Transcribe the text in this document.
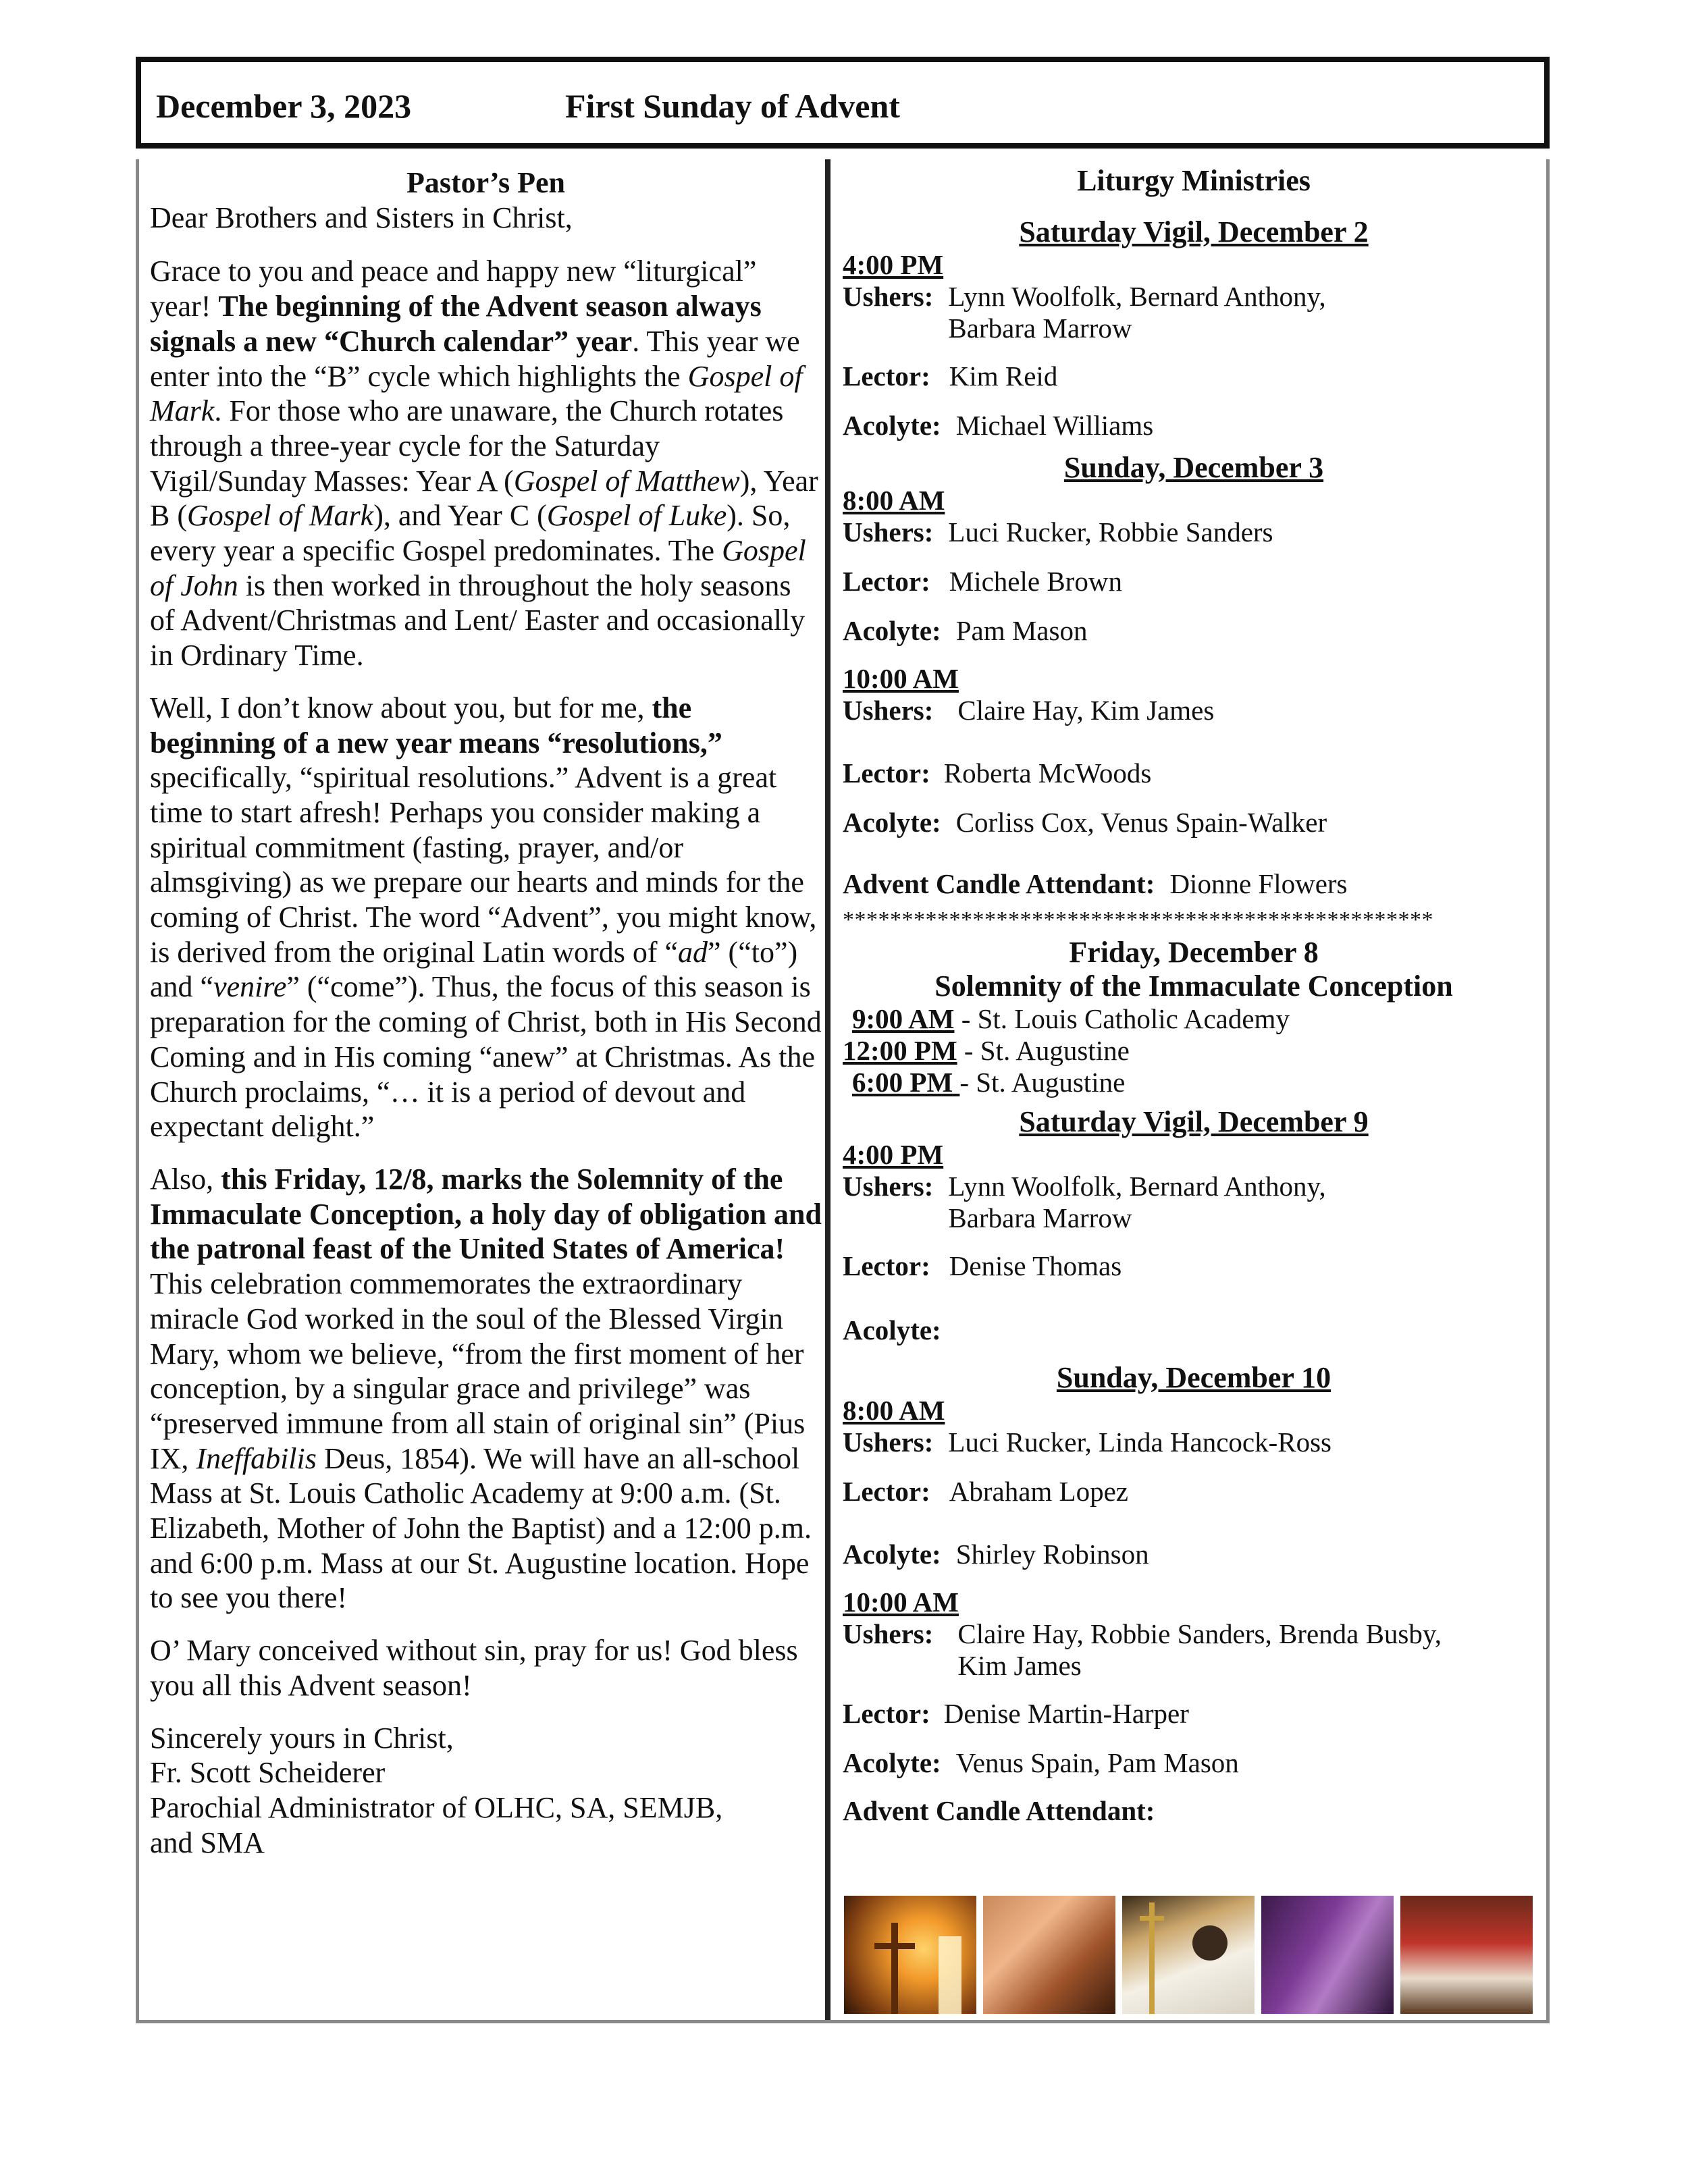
December 3, 2023	First Sunday of Advent
Pastor’s Pen
Dear Brothers and Sisters in Christ,

Grace to you and peace and happy new “liturgical” year! The beginning of the Advent season always signals a new “Church calendar” year. This year we enter into the “B” cycle which highlights the Gospel of Mark. For those who are unaware, the Church rotates through a three-year cycle for the Saturday Vigil/Sunday Masses: Year A (Gospel of Matthew), Year B (Gospel of Mark), and Year C (Gospel of Luke). So, every year a specific Gospel predominates. The Gospel of John is then worked in throughout the holy seasons of Advent/Christmas and Lent/ Easter and occasionally in Ordinary Time.

Well, I don’t know about you, but for me, the beginning of a new year means “resolutions,” specifically, “spiritual resolutions.” Advent is a great time to start afresh! Perhaps you consider making a spiritual commitment (fasting, prayer, and/or almsgiving) as we prepare our hearts and minds for the coming of Christ. The word “Advent”, you might know, is derived from the original Latin words of “ad” (“to”) and “venire” (“come”). Thus, the focus of this season is preparation for the coming of Christ, both in His Second Coming and in His coming “anew” at Christmas. As the Church proclaims, “… it is a period of devout and expectant delight.”

Also, this Friday, 12/8, marks the Solemnity of the Immaculate Conception, a holy day of obligation and the patronal feast of the United States of America! This celebration commemorates the extraordinary miracle God worked in the soul of the Blessed Virgin Mary, whom we believe, “from the first moment of her conception, by a singular grace and privilege” was “preserved immune from all stain of original sin” (Pius IX, Ineffabilis Deus, 1854). We will have an all-school Mass at St. Louis Catholic Academy at 9:00 a.m. (St. Elizabeth, Mother of John the Baptist) and a 12:00 p.m. and 6:00 p.m. Mass at our St. Augustine location. Hope to see you there!

O’ Mary conceived without sin, pray for us! God bless you all this Advent season!

Sincerely yours in Christ,
Fr. Scott Scheiderer
Parochial Administrator of OLHC, SA, SEMJB,
and SMA

Liturgy Ministries
Saturday Vigil, December 2
4:00 PM
Ushers: Lynn Woolfolk, Bernard Anthony,
Barbara Marrow
Lector: Kim Reid
Acolyte: Michael Williams
Sunday, December 3
8:00 AM
Ushers: Luci Rucker, Robbie Sanders
Lector: Michele Brown
Acolyte: Pam Mason
10:00 AM
Ushers: Claire Hay, Kim James
Lector: Roberta McWoods
Acolyte: Corliss Cox, Venus Spain-Walker
Advent Candle Attendant: Dionne Flowers
**************************************************
Friday, December 8
Solemnity of the Immaculate Conception
9:00 AM - St. Louis Catholic Academy
12:00 PM - St. Augustine
6:00 PM - St. Augustine
Saturday Vigil, December 9
4:00 PM
Ushers: Lynn Woolfolk, Bernard Anthony,
Barbara Marrow
Lector: Denise Thomas
Acolyte:
Sunday, December 10
8:00 AM
Ushers: Luci Rucker, Linda Hancock-Ross
Lector: Abraham Lopez
Acolyte: Shirley Robinson
10:00 AM
Ushers: Claire Hay, Robbie Sanders, Brenda Busby,
Kim James
Lector: Denise Martin-Harper
Acolyte: Venus Spain, Pam Mason
Advent Candle Attendant:
